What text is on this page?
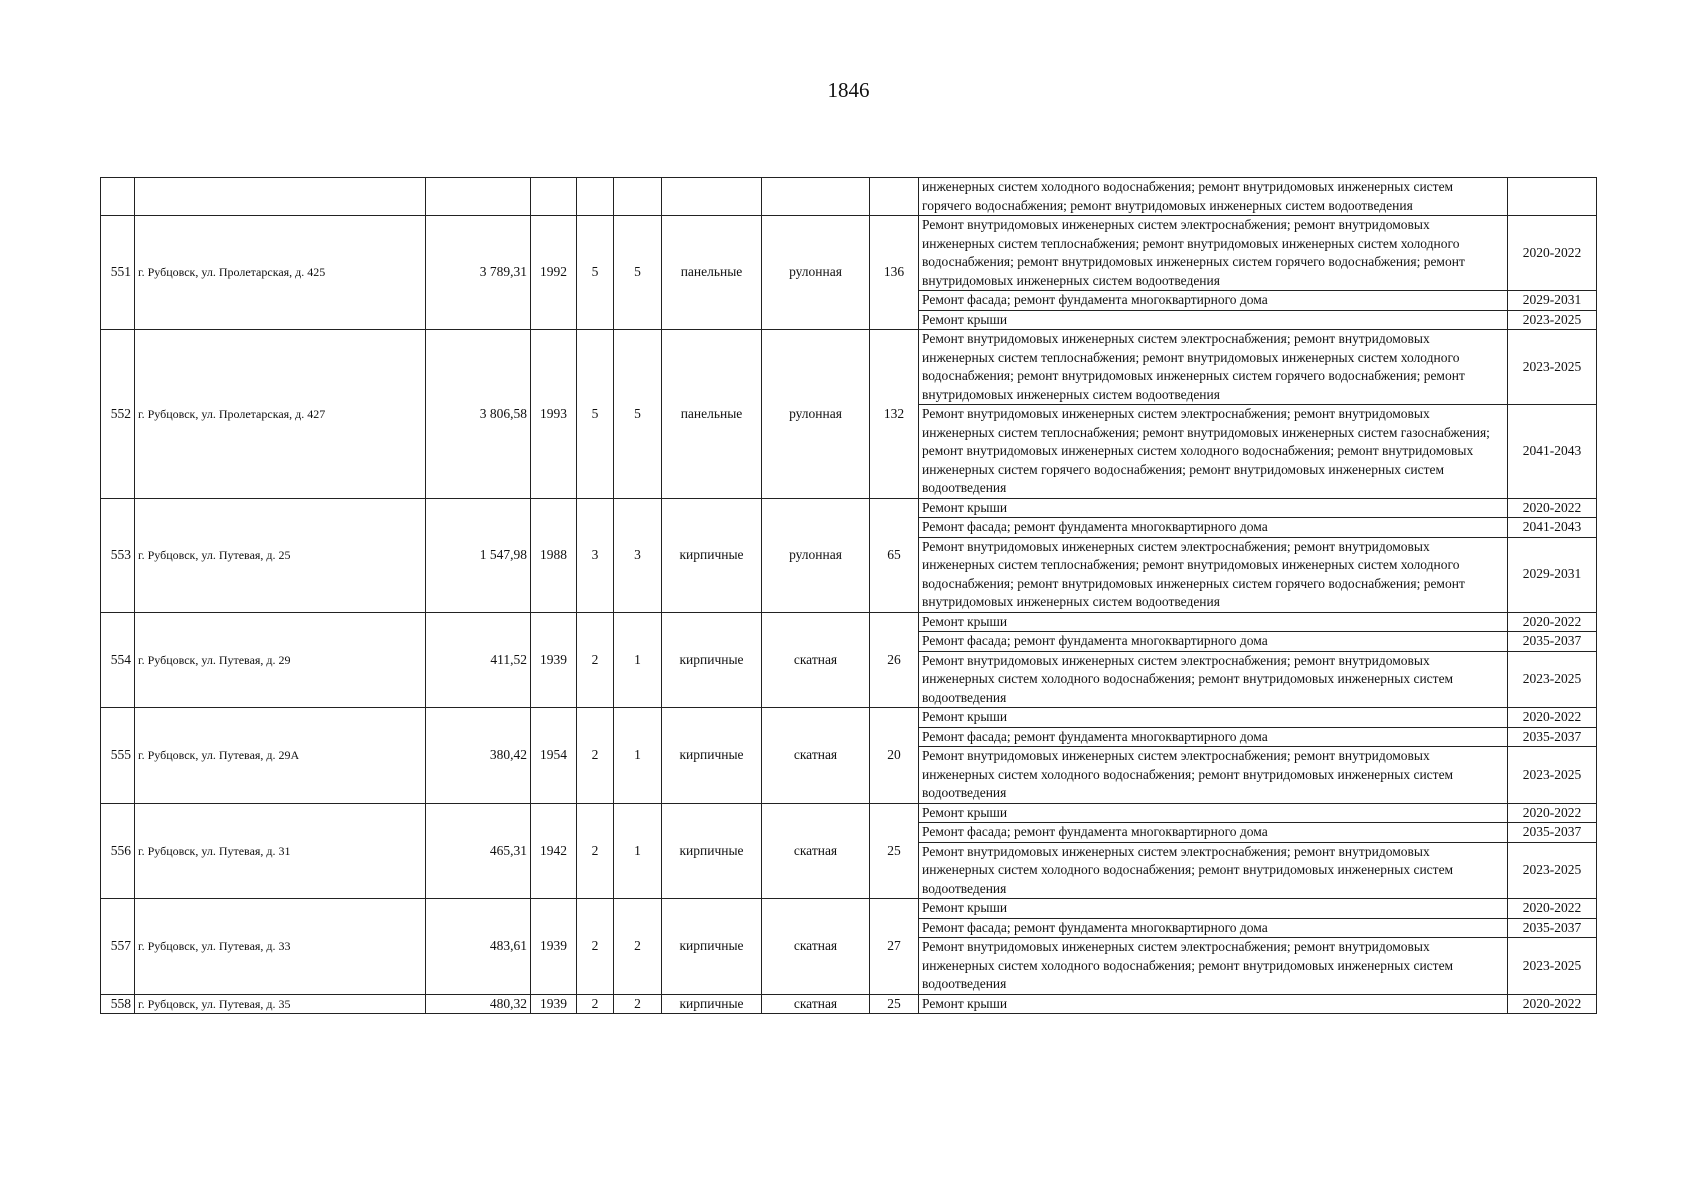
1846
									инженерных систем холодного водоснабжения; ремонт внутридомовых инженерных систем горячего водоснабжения; ремонт внутридомовых инженерных систем водоотведения	
551	г. Рубцовск, ул. Пролетарская, д. 425	3 789,31	1992	5	5	панельные	рулонная	136	Ремонт внутридомовых инженерных систем электроснабжения; ремонт внутридомовых инженерных систем теплоснабжения; ремонт внутридомовых инженерных систем холодного водоснабжения; ремонт внутридомовых инженерных систем горячего водоснабжения; ремонт внутридомовых инженерных систем водоотведения	2020-2022
									Ремонт фасада; ремонт фундамента многоквартирного дома	2029-2031
									Ремонт крыши	2023-2025
552	г. Рубцовск, ул. Пролетарская, д. 427	3 806,58	1993	5	5	панельные	рулонная	132	Ремонт внутридомовых инженерных систем электроснабжения; ремонт внутридомовых инженерных систем теплоснабжения; ремонт внутридомовых инженерных систем холодного водоснабжения; ремонт внутридомовых инженерных систем горячего водоснабжения; ремонт внутридомовых инженерных систем водоотведения	2023-2025
									Ремонт внутридомовых инженерных систем электроснабжения; ремонт внутридомовых инженерных систем теплоснабжения; ремонт внутридомовых инженерных систем газоснабжения; ремонт внутридомовых инженерных систем холодного водоснабжения; ремонт внутридомовых инженерных систем горячего водоснабжения; ремонт внутридомовых инженерных систем водоотведения	2041-2043
553	г. Рубцовск, ул. Путевая, д. 25	1 547,98	1988	3	3	кирпичные	рулонная	65	Ремонт крыши	2020-2022
									Ремонт фасада; ремонт фундамента многоквартирного дома	2041-2043
									Ремонт внутридомовых инженерных систем электроснабжения; ремонт внутридомовых инженерных систем теплоснабжения; ремонт внутридомовых инженерных систем холодного водоснабжения; ремонт внутридомовых инженерных систем горячего водоснабжения; ремонт внутридомовых инженерных систем водоотведения	2029-2031
554	г. Рубцовск, ул. Путевая, д. 29	411,52	1939	2	1	кирпичные	скатная	26	Ремонт крыши	2020-2022
									Ремонт фасада; ремонт фундамента многоквартирного дома	2035-2037
									Ремонт внутридомовых инженерных систем электроснабжения; ремонт внутридомовых инженерных систем холодного водоснабжения; ремонт внутридомовых инженерных систем водоотведения	2023-2025
555	г. Рубцовск, ул. Путевая, д. 29А	380,42	1954	2	1	кирпичные	скатная	20	Ремонт крыши	2020-2022
									Ремонт фасада; ремонт фундамента многоквартирного дома	2035-2037
									Ремонт внутридомовых инженерных систем электроснабжения; ремонт внутридомовых инженерных систем холодного водоснабжения; ремонт внутридомовых инженерных систем водоотведения	2023-2025
556	г. Рубцовск, ул. Путевая, д. 31	465,31	1942	2	1	кирпичные	скатная	25	Ремонт крыши	2020-2022
									Ремонт фасада; ремонт фундамента многоквартирного дома	2035-2037
									Ремонт внутридомовых инженерных систем электроснабжения; ремонт внутридомовых инженерных систем холодного водоснабжения; ремонт внутридомовых инженерных систем водоотведения	2023-2025
557	г. Рубцовск, ул. Путевая, д. 33	483,61	1939	2	2	кирпичные	скатная	27	Ремонт крыши	2020-2022
									Ремонт фасада; ремонт фундамента многоквартирного дома	2035-2037
									Ремонт внутридомовых инженерных систем электроснабжения; ремонт внутридомовых инженерных систем холодного водоснабжения; ремонт внутридомовых инженерных систем водоотведения	2023-2025
558	г. Рубцовск, ул. Путевая, д. 35	480,32	1939	2	2	кирпичные	скатная	25	Ремонт крыши	2020-2022
